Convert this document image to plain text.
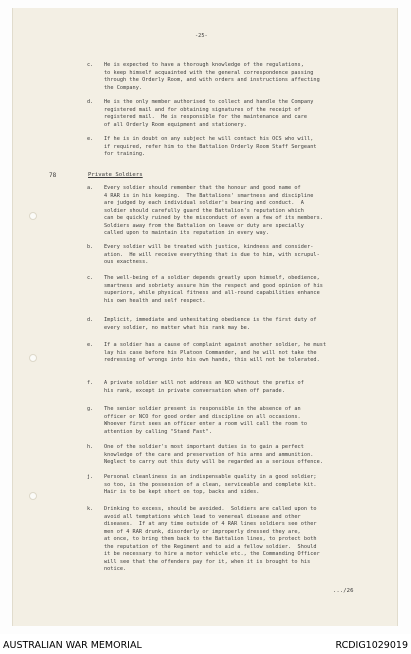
-25-
c. He is expected to have a thorough knowledge of the regulations,
to keep himself acquainted with the general correspondence passing
through the Orderly Room, and with orders and instructions affecting
the Company.
d. He is the only member authorised to collect and handle the Company
registered mail and for obtaining signatures of the receipt of
registered mail.  He is responsible for the maintenance and care
of all Orderly Room equipment and stationery.
e. If he is in doubt on any subject he will contact his OCS who will,
if required, refer him to the Battalion Orderly Room Staff Sergeant
for training.
78	Private Soldiers
a. Every soldier should remember that the honour and good name of
4 RAR is in his keeping.  The Battalions' smartness and discipline
are judged by each individual soldier's bearing and conduct.  A
soldier should carefully guard the Battalion's reputation which
can be quickly ruined by the misconduct of even a few of its members.
Soldiers away from the Battalion on leave or duty are specially
called upon to maintain its reputation in every way.
b. Every soldier will be treated with justice, kindness and consider-
ation.  He will receive everything that is due to him, with scrupul-
ous exactness.
c. The well-being of a soldier depends greatly upon himself, obedience,
smartness and sobriety assure him the respect and good opinion of his
superiors, while physical fitness and all-round capabilities enhance
his own health and self respect.
d. Implicit, immediate and unhesitating obedience is the first duty of
every soldier, no matter what his rank may be.
e. If a soldier has a cause of complaint against another soldier, he must
lay his case before his Platoon Commander, and he will not take the
redressing of wrongs into his own hands, this will not be tolerated.
f. A private soldier will not address an NCO without the prefix of
his rank, except in private conversation when off parade.
g. The senior soldier present is responsible in the absence of an
officer or NCO for good order and discipline on all occasions.
Whoever first sees an officer enter a room will call the room to
attention by calling "Stand Fast".
h. One of the soldier's most important duties is to gain a perfect
knowledge of the care and preservation of his arms and ammunition.
Neglect to carry out this duty will be regarded as a serious offence.
j. Personal cleanliness is an indispensable quality in a good soldier;
so too, is the possession of a clean, serviceable and complete kit.
Hair is to be kept short on top, backs and sides.
k. Drinking to excess, should be avoided.  Soldiers are called upon to
avoid all temptations which lead to venereal disease and other
diseases.  If at any time outside of 4 RAR lines soldiers see other
men of 4 RAR drunk, disorderly or improperly dressed they are,
at once, to bring them back to the Battalion lines, to protect both
the reputation of the Regiment and to aid a fellow soldier.  Should
it be necessary to hire a motor vehicle etc., the Commanding Officer
will see that the offenders pay for it, when it is brought to his
notice.
.../26
AUSTRALIAN WAR MEMORIAL	RCDIG1029019
